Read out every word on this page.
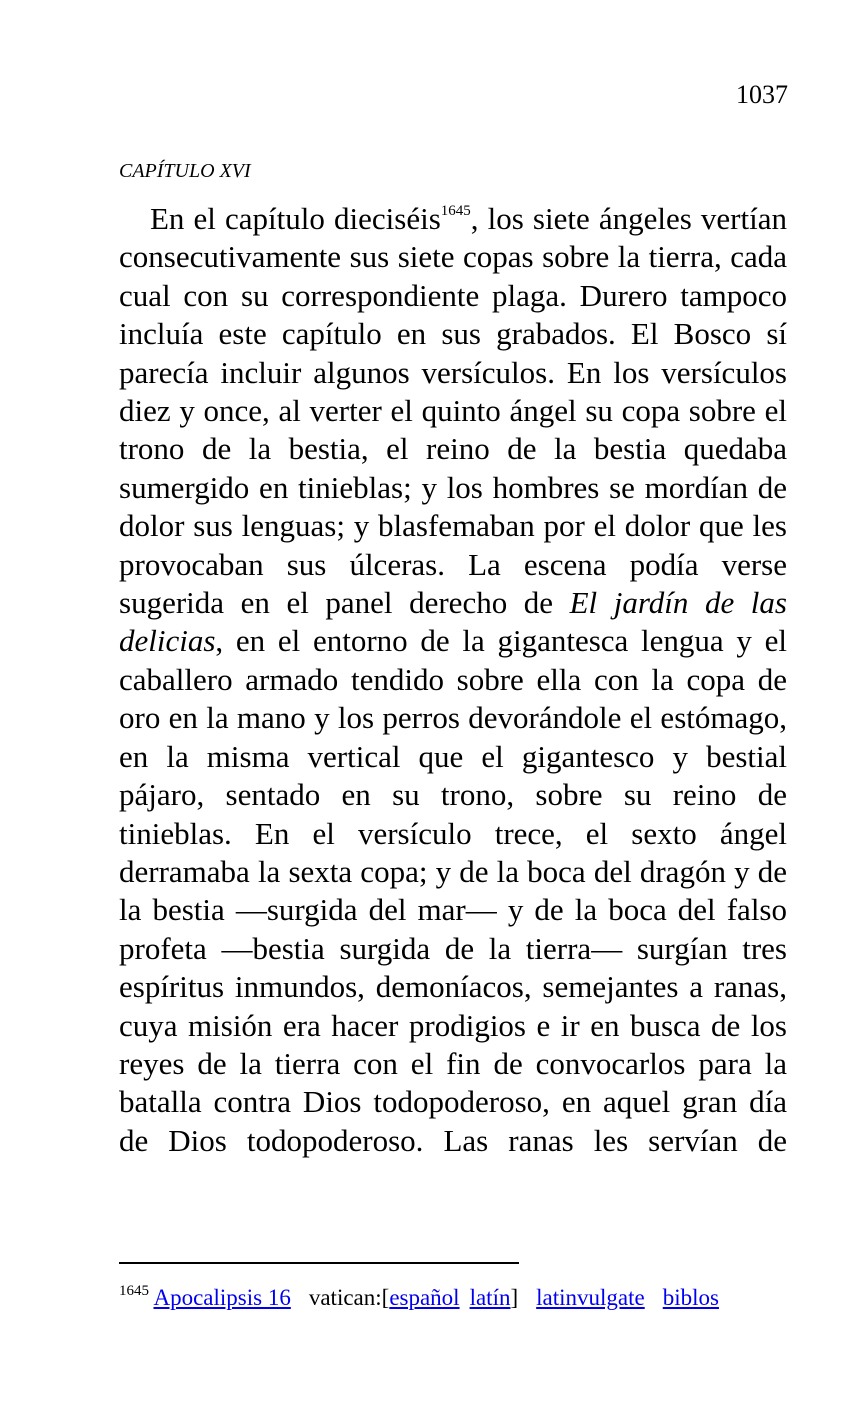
1037
CAPÍTULO XVI

En el capítulo dieciséis$^{1645}$, los siete ángeles vertían consecutivamente sus siete copas sobre la tierra, cada cual con su correspondiente plaga. Durero tampoco incluía este capítulo en sus grabados. El Bosco sí parecía incluir algunos versículos. En los versículos diez y once, al verter el quinto ángel su copa sobre el trono de la bestia, el reino de la bestia quedaba sumergido en tinieblas; y los hombres se mordían de dolor sus lenguas; y blasfemaban por el dolor que les provocaban sus úlceras. La escena podía verse sugerida en el panel derecho de El jardín de las delicias, en el entorno de la gigantesca lengua y el caballero armado tendido sobre ella con la copa de oro en la mano y los perros devorándole el estómago, en la misma vertical que el gigantesco y bestial pájaro, sentado en su trono, sobre su reino de tinieblas. En el versículo trece, el sexto ángel derramaba la sexta copa; y de la boca del dragón y de la bestia —surgida del mar— y de la boca del falso profeta —bestia surgida de la tierra— surgían tres espíritus inmundos, demoníacos, semejantes a ranas, cuya misión era hacer prodigios e ir en busca de los reyes de la tierra con el fin de convocarlos para la batalla contra Dios todopoderoso, en aquel gran día de Dios todopoderoso. Las ranas les servían de

$^{1645}$ Apocalipsis 16 vatican:[español latín] latinvulgate biblos
